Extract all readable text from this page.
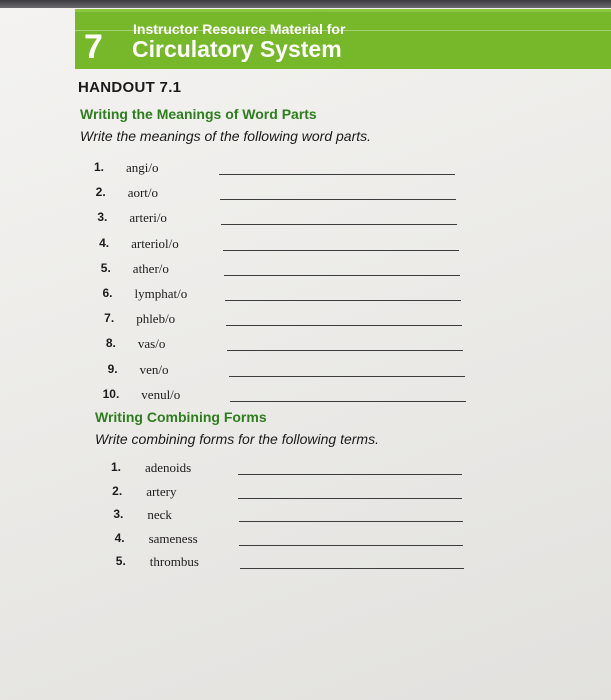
7 Instructor Resource Material for
Circulatory System
HANDOUT 7.1
Writing the Meanings of Word Parts
Write the meanings of the following word parts.
1. angi/o
2. aort/o
3. arteri/o
4. arteriol/o
5. ather/o
6. lymphat/o
7. phleb/o
8. vas/o
9. ven/o
10. venul/o
Writing Combining Forms
Write combining forms for the following terms.
1. adenoids
2. artery
3. neck
4. sameness
5. thrombus
